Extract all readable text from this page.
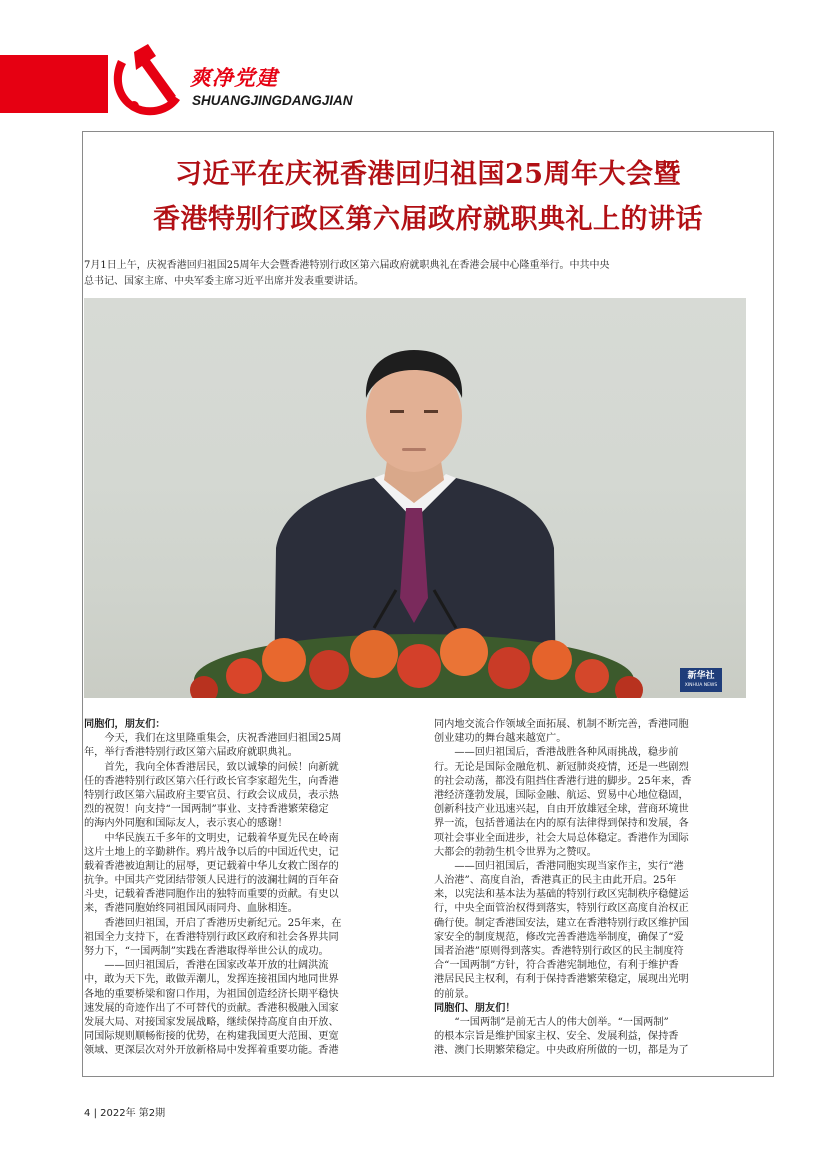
爽净党建
SHUANGJINGDANGJIAN
习近平在庆祝香港回归祖国25周年大会暨
香港特别行政区第六届政府就职典礼上的讲话
7月1日上午，庆祝香港回归祖国25周年大会暨香港特别行政区第六届政府就职典礼在香港会展中心隆重举行。中共中央
总书记、国家主席、中央军委主席习近平出席并发表重要讲话。
新华社
XINHUA NEWS
同胞们，朋友们：
　　今天，我们在这里隆重集会，庆祝香港回归祖国25周
年，举行香港特别行政区第六届政府就职典礼。
　　首先，我向全体香港居民，致以诚挚的问候！向新就
任的香港特别行政区第六任行政长官李家超先生，向香港
特别行政区第六届政府主要官员、行政会议成员，表示热
烈的祝贺！向支持“一国两制”事业、支持香港繁荣稳定
的海内外同胞和国际友人，表示衷心的感谢！
　　中华民族五千多年的文明史，记载着华夏先民在岭南
这片土地上的辛勤耕作。鸦片战争以后的中国近代史，记
载着香港被迫割让的屈辱，更记载着中华儿女救亡图存的
抗争。中国共产党团结带领人民进行的波澜壮阔的百年奋
斗史，记载着香港同胞作出的独特而重要的贡献。有史以
来，香港同胞始终同祖国风雨同舟、血脉相连。
　　香港回归祖国，开启了香港历史新纪元。25年来，在
祖国全力支持下，在香港特别行政区政府和社会各界共同
努力下，“一国两制”实践在香港取得举世公认的成功。
　　——回归祖国后，香港在国家改革开放的壮阔洪流
中，敢为天下先，敢做弄潮儿，发挥连接祖国内地同世界
各地的重要桥梁和窗口作用，为祖国创造经济长期平稳快
速发展的奇迹作出了不可替代的贡献。香港积极融入国家
发展大局、对接国家发展战略，继续保持高度自由开放、
同国际规则顺畅衔接的优势，在构建我国更大范围、更宽
领域、更深层次对外开放新格局中发挥着重要功能。香港
同内地交流合作领域全面拓展、机制不断完善，香港同胞
创业建功的舞台越来越宽广。
　　——回归祖国后，香港战胜各种风雨挑战，稳步前
行。无论是国际金融危机、新冠肺炎疫情，还是一些剧烈
的社会动荡，都没有阻挡住香港行进的脚步。25年来，香
港经济蓬勃发展，国际金融、航运、贸易中心地位稳固，
创新科技产业迅速兴起，自由开放雄冠全球，营商环境世
界一流，包括普通法在内的原有法律得到保持和发展，各
项社会事业全面进步，社会大局总体稳定。香港作为国际
大都会的勃勃生机令世界为之赞叹。
　　——回归祖国后，香港同胞实现当家作主，实行“港
人治港”、高度自治，香港真正的民主由此开启。25年
来，以宪法和基本法为基础的特别行政区宪制秩序稳健运
行，中央全面管治权得到落实，特别行政区高度自治权正
确行使。制定香港国安法，建立在香港特别行政区维护国
家安全的制度规范，修改完善香港选举制度，确保了“爱
国者治港”原则得到落实。香港特别行政区的民主制度符
合“一国两制”方针，符合香港宪制地位，有利于维护香
港居民民主权利，有利于保持香港繁荣稳定，展现出光明
的前景。
同胞们、朋友们！
　　“一国两制”是前无古人的伟大创举。“一国两制”
的根本宗旨是维护国家主权、安全、发展利益，保持香
港、澳门长期繁荣稳定。中央政府所做的一切，都是为了
4 | 2022年 第2期
